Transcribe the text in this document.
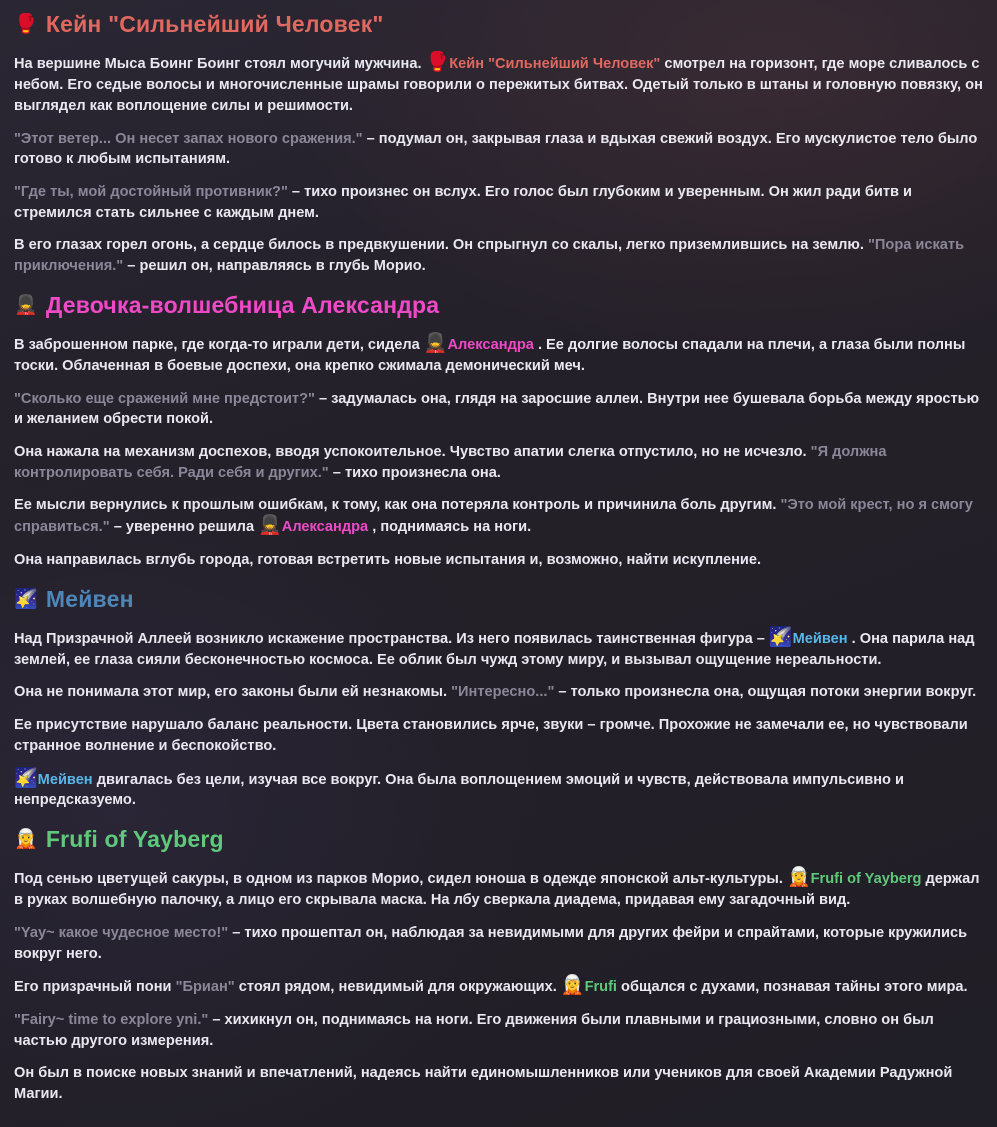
🥊 Кейн "Сильнейший Человек"

На вершине Мыса Боинг Боинг стоял могучий мужчина. 🥊Кейн "Сильнейший Человек" смотрел на горизонт, где море сливалось с небом. Его седые волосы и многочисленные шрамы говорили о пережитых битвах. Одетый только в штаны и головную повязку, он выглядел как воплощение силы и решимости.

"Этот ветер... Он несет запах нового сражения." – подумал он, закрывая глаза и вдыхая свежий воздух. Его мускулистое тело было готово к любым испытаниям.

"Где ты, мой достойный противник?" – тихо произнес он вслух. Его голос был глубоким и уверенным. Он жил ради битв и стремился стать сильнее с каждым днем.

В его глазах горел огонь, а сердце билось в предвкушении. Он спрыгнул со скалы, легко приземлившись на землю. "Пора искать приключения." – решил он, направляясь в глубь Морио.

💂‍♀️ Девочка-волшебница Александра

В заброшенном парке, где когда-то играли дети, сидела 💂‍♀️Александра . Ее долгие волосы спадали на плечи, а глаза были полны тоски. Облаченная в боевые доспехи, она крепко сжимала демонический меч.

"Сколько еще сражений мне предстоит?" – задумалась она, глядя на заросшие аллеи. Внутри нее бушевала борьба между яростью и желанием обрести покой.

Она нажала на механизм доспехов, вводя успокоительное. Чувство апатии слегка отпустило, но не исчезло. "Я должна контролировать себя. Ради себя и других." – тихо произнесла она.

Ее мысли вернулись к прошлым ошибкам, к тому, как она потеряла контроль и причинила боль другим. "Это мой крест, но я смогу справиться." – уверенно решила 💂‍♀️Александра , поднимаясь на ноги.

Она направилась вглубь города, готовая встретить новые испытания и, возможно, найти искупление.

🌠 Мейвен

Над Призрачной Аллеей возникло искажение пространства. Из него появилась таинственная фигура – 🌠Мейвен . Она парила над землей, ее глаза сияли бесконечностью космоса. Ее облик был чужд этому миру, и вызывал ощущение нереальности.

Она не понимала этот мир, его законы были ей незнакомы. "Интересно..." – только произнесла она, ощущая потоки энергии вокруг.

Ее присутствие нарушало баланс реальности. Цвета становились ярче, звуки – громче. Прохожие не замечали ее, но чувствовали странное волнение и беспокойство.

🌠Мейвен двигалась без цели, изучая все вокруг. Она была воплощением эмоций и чувств, действовала импульсивно и непредсказуемо.

🧝 Frufi of Yayberg

Под сенью цветущей сакуры, в одном из парков Морио, сидел юноша в одежде японской альт-культуры. 🧝Frufi of Yayberg держал в руках волшебную палочку, а лицо его скрывала маска. На лбу сверкала диадема, придавая ему загадочный вид.

"Yay~ какое чудесное место!" – тихо прошептал он, наблюдая за невидимыми для других фейри и спрайтами, которые кружились вокруг него.

Его призрачный пони "Бриан" стоял рядом, невидимый для окружающих. 🧝Frufi общался с духами, познавая тайны этого мира.

"Fairy~ time to explore yni." – хихикнул он, поднимаясь на ноги. Его движения были плавными и грациозными, словно он был частью другого измерения.

Он был в поиске новых знаний и впечатлений, надеясь найти единомышленников или учеников для своей Академии Радужной Магии.
